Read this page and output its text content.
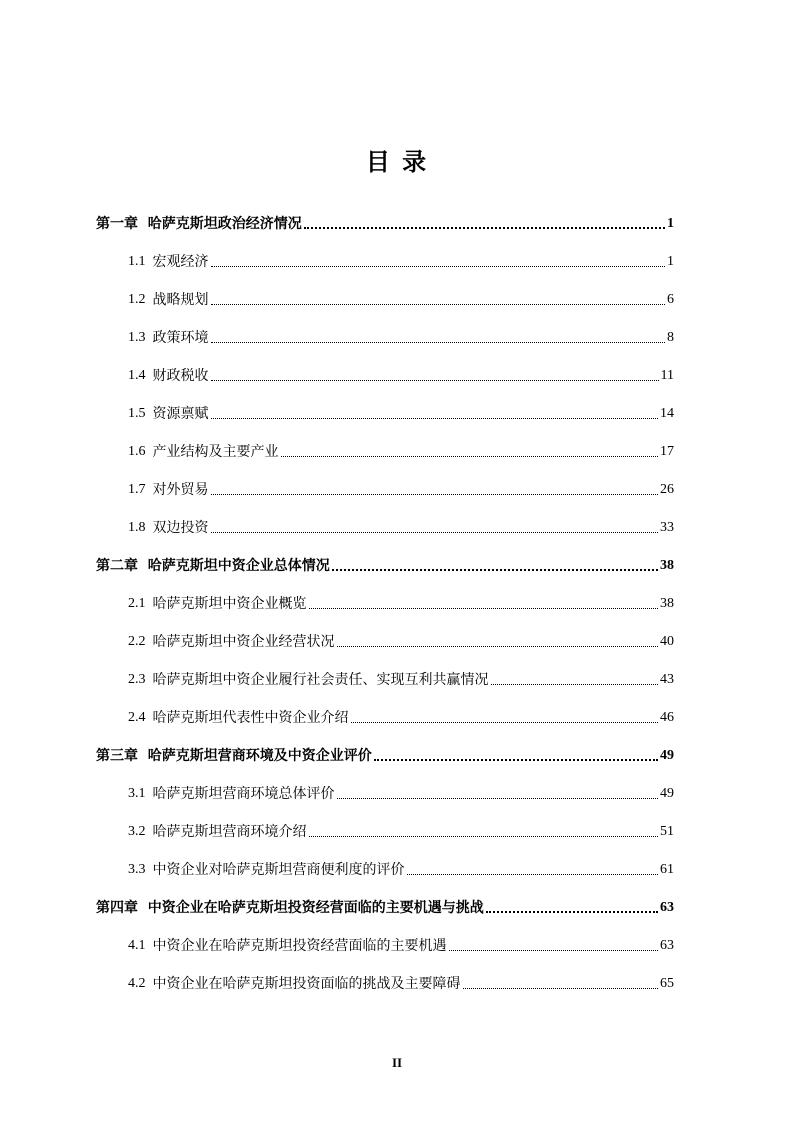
目 录
第一章 哈萨克斯坦政治经济情况	1
1.1 宏观经济	1
1.2 战略规划	6
1.3 政策环境	8
1.4 财政税收	11
1.5 资源禀赋	14
1.6 产业结构及主要产业	17
1.7 对外贸易	26
1.8 双边投资	33
第二章 哈萨克斯坦中资企业总体情况	38
2.1 哈萨克斯坦中资企业概览	38
2.2 哈萨克斯坦中资企业经营状况	40
2.3 哈萨克斯坦中资企业履行社会责任、实现互利共赢情况	43
2.4 哈萨克斯坦代表性中资企业介绍	46
第三章 哈萨克斯坦营商环境及中资企业评价	49
3.1 哈萨克斯坦营商环境总体评价	49
3.2 哈萨克斯坦营商环境介绍	51
3.3 中资企业对哈萨克斯坦营商便利度的评价	61
第四章 中资企业在哈萨克斯坦投资经营面临的主要机遇与挑战	63
4.1 中资企业在哈萨克斯坦投资经营面临的主要机遇	63
4.2 中资企业在哈萨克斯坦投资面临的挑战及主要障碍	65
II
